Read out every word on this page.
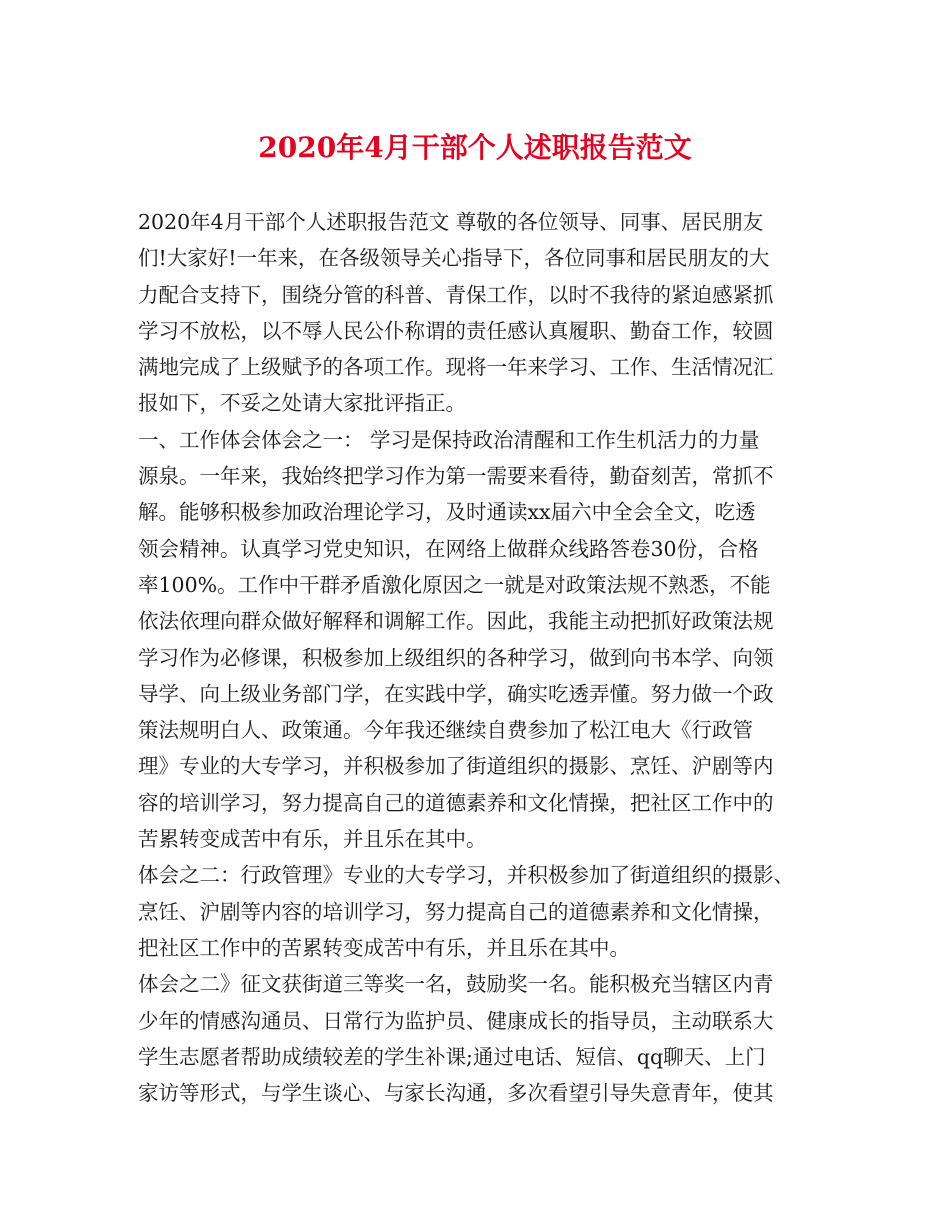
2020年4月干部个人述职报告范文
2020年4月干部个人述职报告范文 尊敬的各位领导、同事、居民朋友
们!大家好!一年来，在各级领导关心指导下，各位同事和居民朋友的大
力配合支持下，围绕分管的科普、青保工作，以时不我待的紧迫感紧抓
学习不放松，以不辱人民公仆称谓的责任感认真履职、勤奋工作，较圆
满地完成了上级赋予的各项工作。现将一年来学习、工作、生活情况汇
报如下，不妥之处请大家批评指正。
一、工作体会体会之一： 学习是保持政治清醒和工作生机活力的力量
源泉。一年来，我始终把学习作为第一需要来看待，勤奋刻苦，常抓不
解。能够积极参加政治理论学习，及时通读xx届六中全会全文，吃透
领会精神。认真学习党史知识，在网络上做群众线路答卷30份，合格
率100%。工作中干群矛盾激化原因之一就是对政策法规不熟悉，不能
依法依理向群众做好解释和调解工作。因此，我能主动把抓好政策法规
学习作为必修课，积极参加上级组织的各种学习，做到向书本学、向领
导学、向上级业务部门学，在实践中学，确实吃透弄懂。努力做一个政
策法规明白人、政策通。今年我还继续自费参加了松江电大《行政管
理》专业的大专学习，并积极参加了街道组织的摄影、烹饪、沪剧等内
容的培训学习，努力提高自己的道德素养和文化情操，把社区工作中的
苦累转变成苦中有乐，并且乐在其中。
体会之二：行政管理》专业的大专学习，并积极参加了街道组织的摄影、
烹饪、沪剧等内容的培训学习，努力提高自己的道德素养和文化情操，
把社区工作中的苦累转变成苦中有乐，并且乐在其中。
体会之二》征文获街道三等奖一名，鼓励奖一名。能积极充当辖区内青
少年的情感沟通员、日常行为监护员、健康成长的指导员，主动联系大
学生志愿者帮助成绩较差的学生补课;通过电话、短信、qq聊天、上门
家访等形式，与学生谈心、与家长沟通，多次看望引导失意青年，使其
